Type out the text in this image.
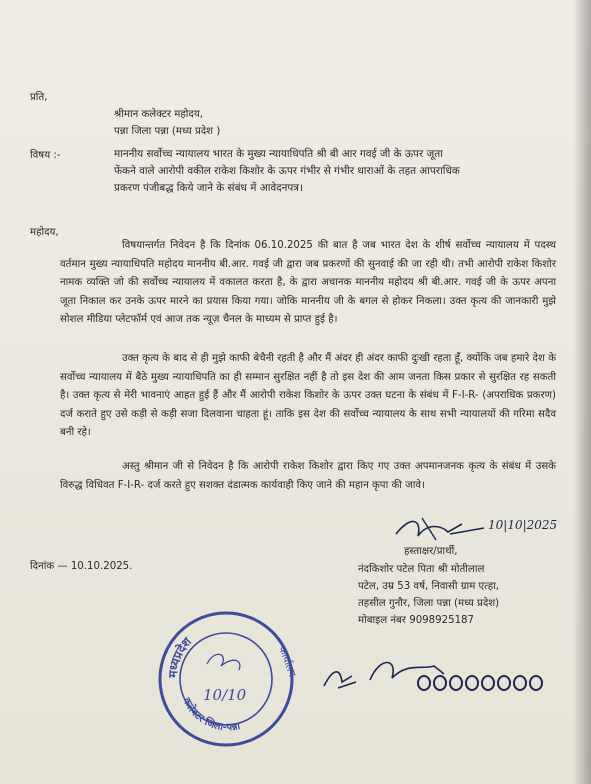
प्रति,
श्रीमान कलेक्टर महोदय,
पन्ना जिला पन्ना (मध्य प्रदेश )
विषय :-	माननीय सर्वोच्च न्यायालय भारत के मुख्य न्यायाधिपति श्री बी आर गवई जी के ऊपर जूता
फेंकने वाले आरोपी वकील राकेश किशोर के ऊपर गंभीर से गंभीर धाराओं के तहत आपराधिक
प्रकरण पंजीबद्ध किये जाने के संबंध में आवेदनपत्र।
महोदय,
विषयान्तर्गत निवेदन है कि दिनांक 06.10.2025 की बात है जब भारत देश के शीर्ष सर्वोच्च न्यायालय में पदस्थ वर्तमान मुख्य न्यायाधिपति महोदय माननीय बी.आर. गवई जी द्वारा जब प्रकरणों की सुनवाई की जा रही थी। तभी आरोपी राकेश किशोर नामक व्यक्ति जो की सर्वोच्च न्यायालय में वकालत करता है, के द्वारा अचानक माननीय महोदय श्री बी.आर. गवई जी के ऊपर अपना जूता निकाल कर उनके ऊपर मारने का प्रयास किया गया। जोकि माननीय जी के बगल से होकर निकला। उक्त कृत्य की जानकारी मुझे सोशल मीडिया प्लेटफॉर्म एवं आज तक न्यूज़ चैनल के माध्यम से प्राप्त हुई है।
उक्त कृत्य के बाद से ही मुझे काफी बेचैनी रहती है और मैं अंदर ही अंदर काफी दुःखी रहता हूँ, क्योंकि जब हमारे देश के सर्वोच्च न्यायालय में बैठे मुख्य न्यायाधिपति का ही सम्मान सुरक्षित नहीं है तो इस देश की आम जनता किस प्रकार से सुरक्षित रह सकती है। उक्त कृत्य से मेरी भावनाएं आहत हुई हैं और मैं आरोपी राकेश किशोर के ऊपर उक्त घटना के संबंध में F-I-R- (अपराधिक प्रकरण) दर्ज कराते हुए उसे कड़ी से कड़ी सजा दिलवाना चाहता हूं। ताकि इस देश की सर्वोच्च न्यायालय के साथ सभी न्यायालयों की गरिमा सदैव बनी रहे।
अस्तु श्रीमान जी से निवेदन है कि आरोपी राकेश किशोर द्वारा किए गए उक्त अपमानजनक कृत्य के संबंध में उसके विरुद्ध विधिवत F-I-R- दर्ज करते हुए सशक्त दंडात्मक कार्यवाही किए जाने की महान कृपा की जावे।
10|10|2025
हस्ताक्षर/प्रार्थी,
दिनांक — 10.10.2025.	नंदकिशोर पटेल पिता श्री मोतीलाल
पटेल, उम्र 53 वर्ष, निवासी ग्राम एत्हा,
तहसील गुनौर, जिला पन्ना (मध्य प्रदेश)
मोबाइल नंबर 9098925187
मध्यप्रदेश
कलेक्टर जिला-पन्ना
कार्यालय
10/10
